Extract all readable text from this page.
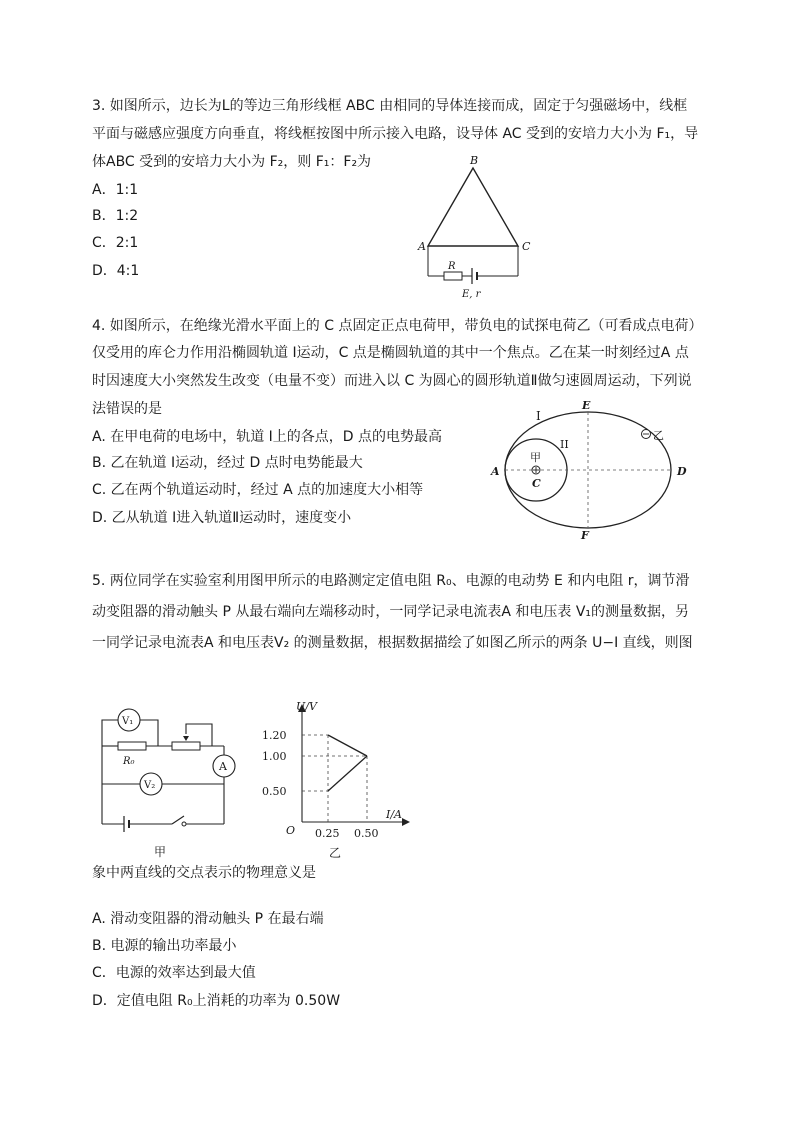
3. 如图所示，边长为L的等边三角形线框 ABC 由相同的导体连接而成，固定于匀强磁场中，线框
平面与磁感应强度方向垂直，将线框按图中所示接入电路，设导体 AC 受到的安培力大小为 F₁，导
体ABC 受到的安培力大小为 F₂，则 F₁：F₂为
A．1:1
B．1:2
C．2:1
D．4:1
B
A	C
R
E, r
4. 如图所示，在绝缘光滑水平面上的 C 点固定正点电荷甲，带负电的试探电荷乙（可看成点电荷）
仅受用的库仑力作用沿椭圆轨道 Ⅰ运动，C 点是椭圆轨道的其中一个焦点。乙在某一时刻经过A 点
时因速度大小突然发生改变（电量不变）而进入以 C 为圆心的圆形轨道Ⅱ做匀速圆周运动，下列说
法错误的是
A. 在甲电荷的电场中，轨道 Ⅰ上的各点，D 点的电势最高
B. 乙在轨道 Ⅰ运动，经过 D 点时电势能最大
C. 乙在两个轨道运动时，经过 A 点的加速度大小相等
D. 乙从轨道 Ⅰ进入轨道Ⅱ运动时，速度变小
I
II
E
F
A	D
C
甲
乙
5. 两位同学在实验室利用图甲所示的电路测定定值电阻 R₀、电源的电动势 E 和内电阻 r，调节滑
动变阻器的滑动触头 P 从最右端向左端移动时，一同学记录电流表A 和电压表 V₁的测量数据，另
一同学记录电流表A 和电压表V₂ 的测量数据，根据数据描绘了如图乙所示的两条 U−I 直线，则图
V₁
A
R₀
V₂
甲
U/V
I/A
O
1.20
1.00
0.50
0.25 0.50
乙
象中两直线的交点表示的物理意义是
A. 滑动变阻器的滑动触头 P 在最右端
B. 电源的输出功率最小
C．电源的效率达到最大值
D．定值电阻 R₀上消耗的功率为 0.50W
